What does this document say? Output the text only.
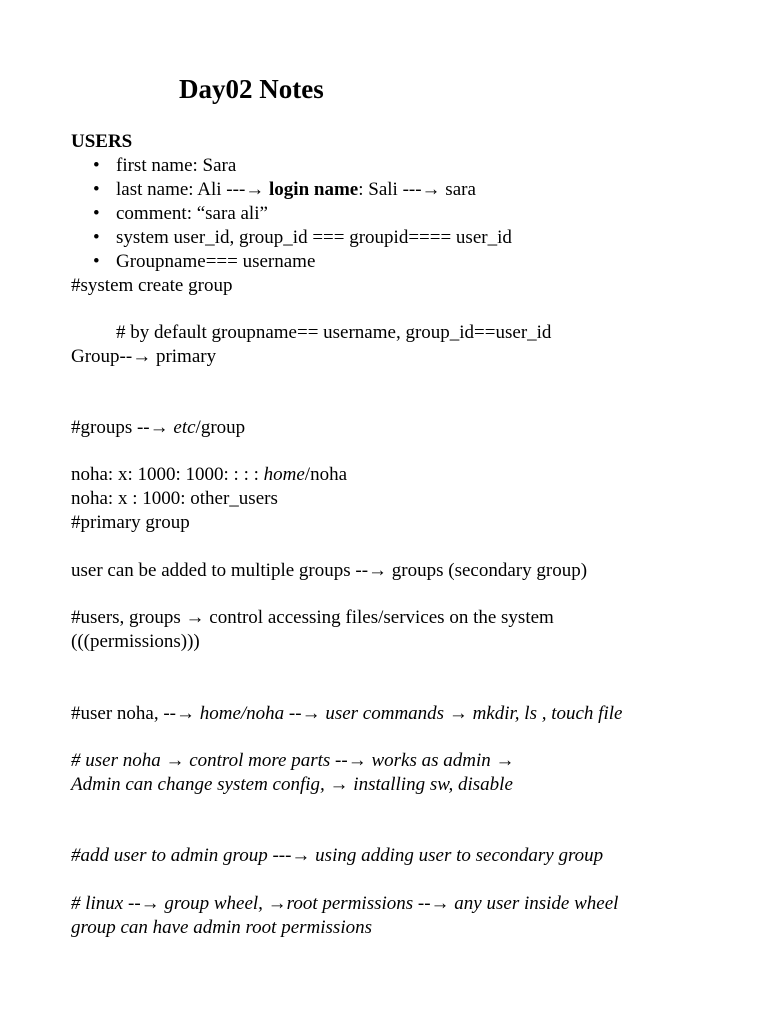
Day02 Notes
USERS
• first name: Sara
• last name: Ali ---→ login name: Sali ---→ sara
• comment: “sara ali”
• system user_id, group_id === groupid==== user_id
• Groupname=== username
#system create group
# by default groupname== username, group_id==user_id
Group--→ primary
#groups --→ etc/group
noha: x: 1000: 1000: : : : home/noha
noha: x : 1000: other_users
#primary group
user can be added to multiple groups --→ groups (secondary group)
#users, groups → control accessing files/services on the system
(((permissions)))
#user noha, --→ home/noha --→ user commands → mkdir, ls , touch file
# user noha → control more parts --→ works as admin →
Admin can change system config, → installing sw, disable
#add user to admin group ---→ using adding user to secondary group
# linux --→ group wheel, →root permissions --→ any user inside wheel
group can have admin root permissions
